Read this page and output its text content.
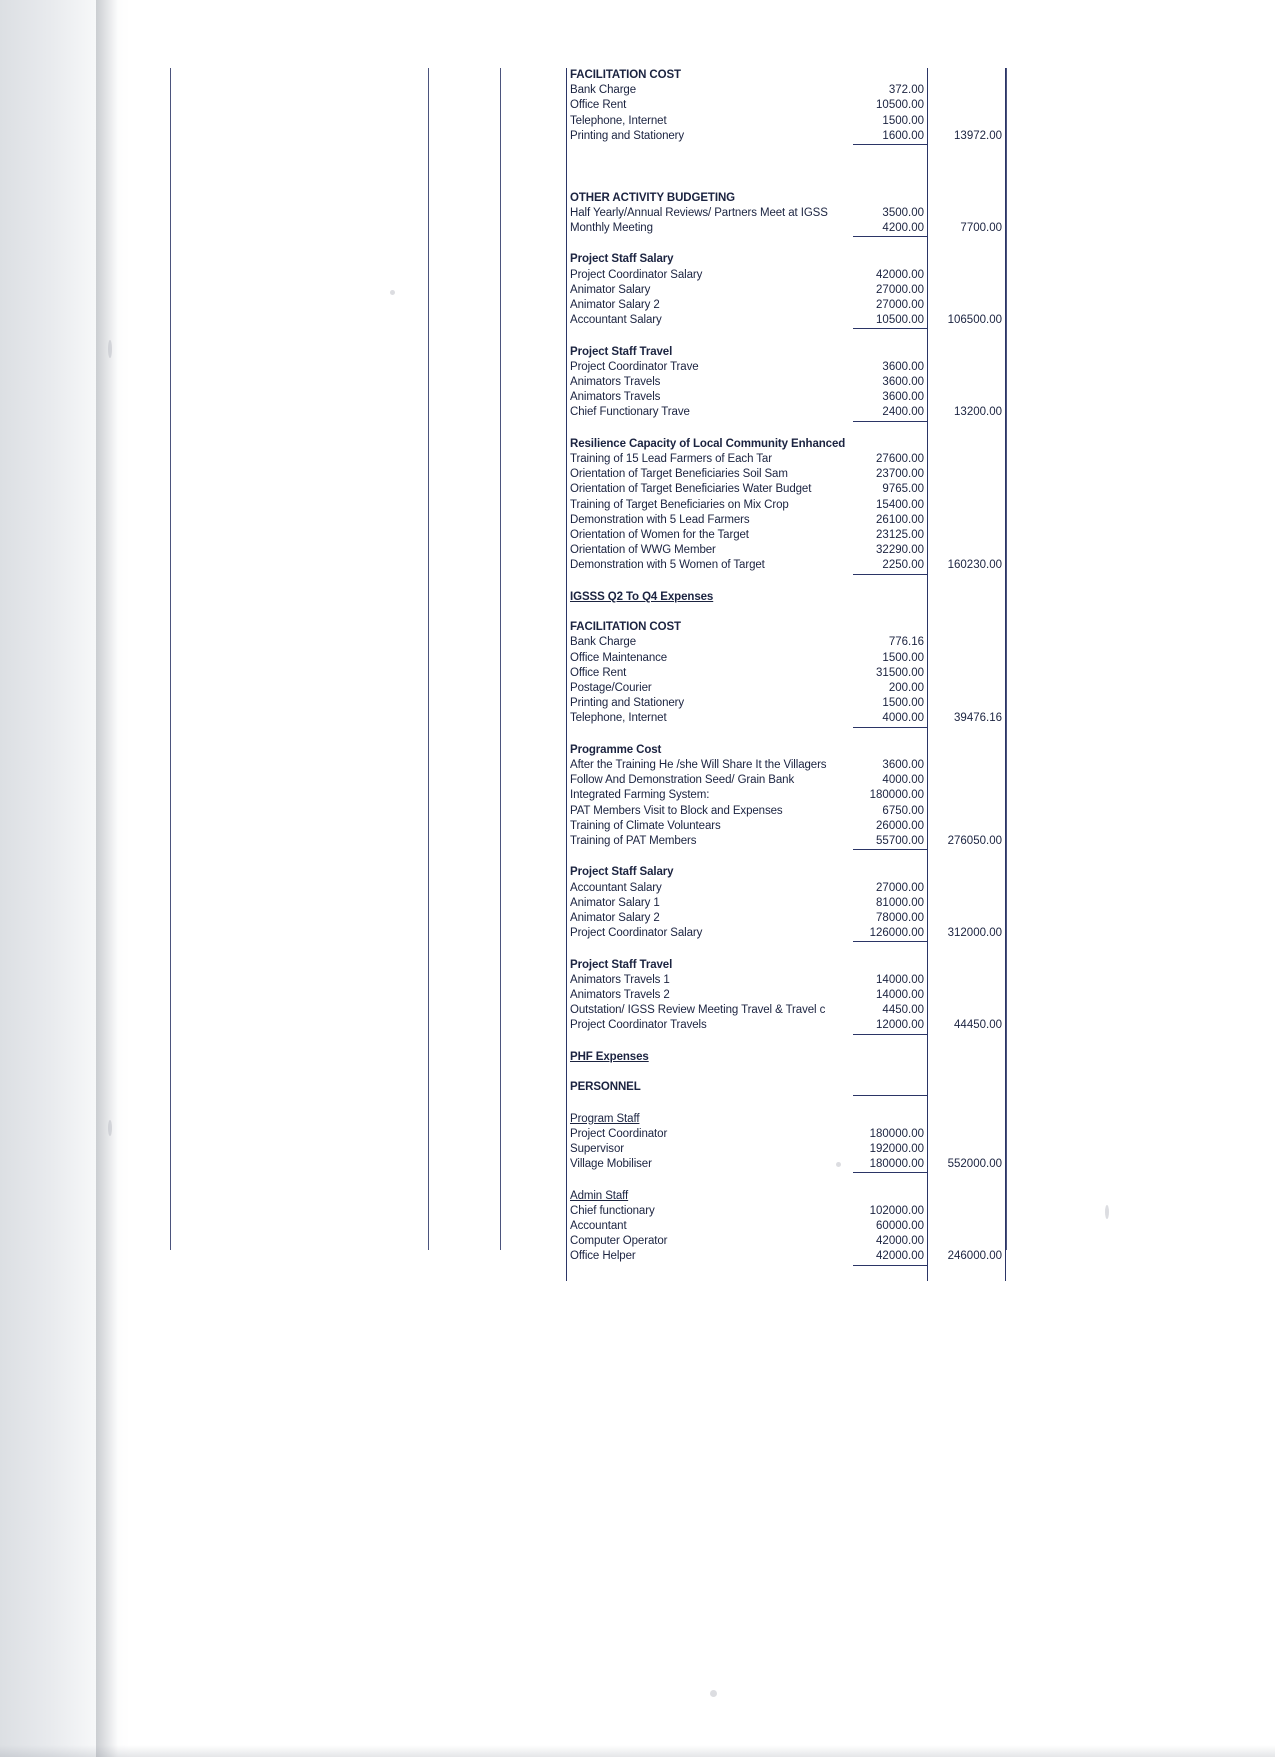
FACILITATION COST		
Bank Charge	372.00	
Office Rent	10500.00	
Telephone, Internet	1500.00	
Printing and Stationery	1600.00	13972.00

OTHER ACTIVITY BUDGETING		
Half Yearly/Annual Reviews/ Partners Meet at IGSS	3500.00	
Monthly Meeting	4200.00	7700.00

Project Staff Salary		
Project Coordinator Salary	42000.00	
Animator Salary	27000.00	
Animator Salary 2	27000.00	
Accountant Salary	10500.00	106500.00

Project Staff Travel		
Project Coordinator Trave	3600.00	
Animators Travels	3600.00	
Animators Travels	3600.00	
Chief Functionary Trave	2400.00	13200.00

Resilience Capacity of Local Community Enhanced		
Training of 15 Lead Farmers of Each Tar	27600.00	
Orientation of Target Beneficiaries Soil Sam	23700.00	
Orientation of Target Beneficiaries Water Budget	9765.00	
Training of Target Beneficiaries on Mix Crop	15400.00	
Demonstration with 5 Lead Farmers	26100.00	
Orientation of Women for the Target	23125.00	
Orientation of WWG Member	32290.00	
Demonstration with 5 Women of Target	2250.00	160230.00

IGSSS Q2 To Q4 Expenses		

FACILITATION COST		
Bank Charge	776.16	
Office Maintenance	1500.00	
Office Rent	31500.00	
Postage/Courier	200.00	
Printing and Stationery	1500.00	
Telephone, Internet	4000.00	39476.16

Programme Cost		
After the Training He /she Will Share It the Villagers	3600.00	
Follow And Demonstration Seed/ Grain Bank	4000.00	
Integrated Farming System:	180000.00	
PAT Members Visit to Block and Expenses	6750.00	
Training of Climate Voluntears	26000.00	
Training of PAT Members	55700.00	276050.00

Project Staff Salary		
Accountant Salary	27000.00	
Animator Salary 1	81000.00	
Animator Salary 2	78000.00	
Project Coordinator Salary	126000.00	312000.00

Project Staff Travel		
Animators Travels 1	14000.00	
Animators Travels 2	14000.00	
Outstation/ IGSS Review Meeting Travel & Travel c	4450.00	
Project Coordinator Travels	12000.00	44450.00

PHF Expenses		

PERSONNEL		

Program Staff		
Project Coordinator	180000.00	
Supervisor	192000.00	
Village Mobiliser	180000.00	552000.00

Admin Staff		
Chief functionary	102000.00	
Accountant	60000.00	
Computer Operator	42000.00	
Office Helper	42000.00	246000.00
